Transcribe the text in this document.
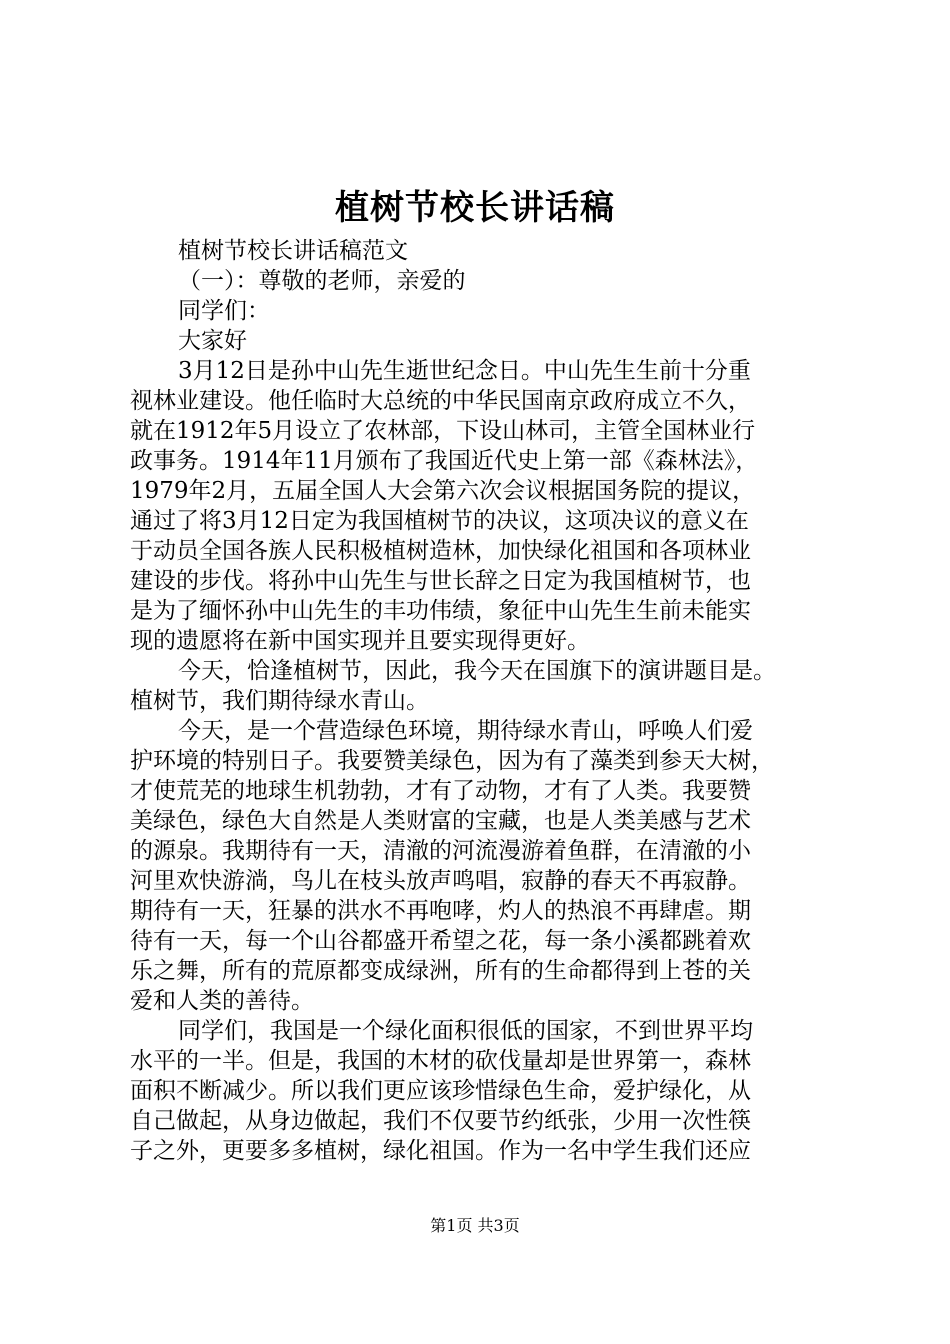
植树节校长讲话稿

植树节校长讲话稿范文

（一）：尊敬的老师，亲爱的

同学们：

大家好

3月12日是孙中山先生逝世纪念日。中山先生生前十分重

视林业建设。他任临时大总统的中华民国南京政府成立不久，

就在1912年5月设立了农林部，下设山林司，主管全国林业行

政事务。1914年11月颁布了我国近代史上第一部《森林法》，

1979年2月，五届全国人大会第六次会议根据国务院的提议，

通过了将3月12日定为我国植树节的决议，这项决议的意义在

于动员全国各族人民积极植树造林，加快绿化祖国和各项林业

建设的步伐。将孙中山先生与世长辞之日定为我国植树节，也

是为了缅怀孙中山先生的丰功伟绩，象征中山先生生前未能实

现的遗愿将在新中国实现并且要实现得更好。

今天，恰逢植树节，因此，我今天在国旗下的演讲题目是。

植树节，我们期待绿水青山。

今天，是一个营造绿色环境，期待绿水青山，呼唤人们爱

护环境的特别日子。我要赞美绿色，因为有了藻类到参天大树，

才使荒芜的地球生机勃勃，才有了动物，才有了人类。我要赞

美绿色，绿色大自然是人类财富的宝藏，也是人类美感与艺术

的源泉。我期待有一天，清澈的河流漫游着鱼群，在清澈的小

河里欢快游淌，鸟儿在枝头放声鸣唱，寂静的春天不再寂静。

期待有一天，狂暴的洪水不再咆哮，灼人的热浪不再肆虐。期

待有一天，每一个山谷都盛开希望之花，每一条小溪都跳着欢

乐之舞，所有的荒原都变成绿洲，所有的生命都得到上苍的关

爱和人类的善待。

同学们，我国是一个绿化面积很低的国家，不到世界平均

水平的一半。但是，我国的木材的砍伐量却是世界第一，森林

面积不断减少。所以我们更应该珍惜绿色生命，爱护绿化，从

自己做起，从身边做起，我们不仅要节约纸张，少用一次性筷

子之外，更要多多植树，绿化祖国。作为一名中学生我们还应

第1页 共3页
